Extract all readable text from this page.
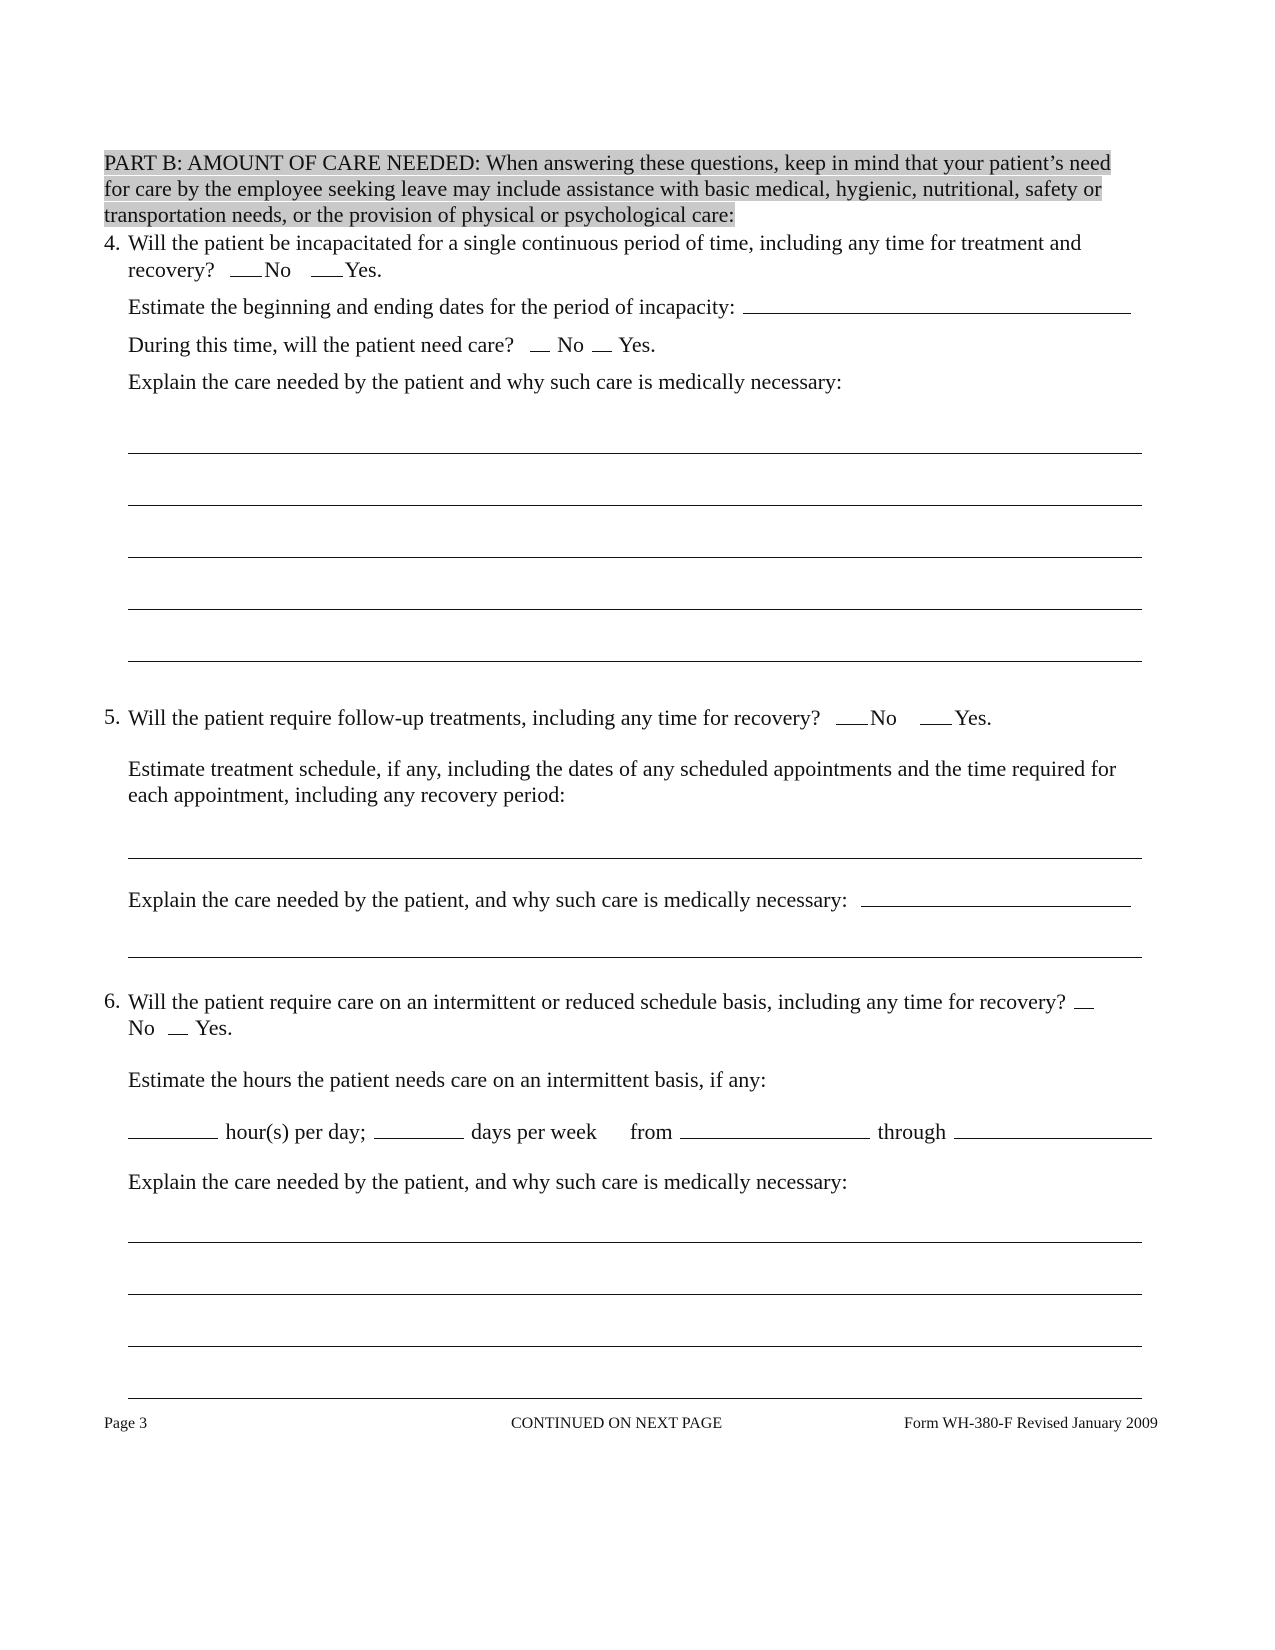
PART B: AMOUNT OF CARE NEEDED: When answering these questions, keep in mind that your patient’s need
for care by the employee seeking leave may include assistance with basic medical, hygienic, nutritional, safety or
transportation needs, or the provision of physical or psychological care:
4. Will the patient be incapacitated for a single continuous period of time, including any time for treatment and
recovery? No Yes.
Estimate the beginning and ending dates for the period of incapacity:
During this time, will the patient need care? No Yes.
Explain the care needed by the patient and why such care is medically necessary:
5. Will the patient require follow-up treatments, including any time for recovery? No	Yes.
Estimate treatment schedule, if any, including the dates of any scheduled appointments and the time required for
each appointment, including any recovery period:
Explain the care needed by the patient, and why such care is medically necessary:
6. Will the patient require care on an intermittent or reduced schedule basis, including any time for recovery?
No Yes.
Estimate the hours the patient needs care on an intermittent basis, if any:
hour(s) per day;	days per week from	through
Explain the care needed by the patient, and why such care is medically necessary:
Page 3	CONTINUED ON NEXT PAGE	Form WH-380-F Revised January 2009
